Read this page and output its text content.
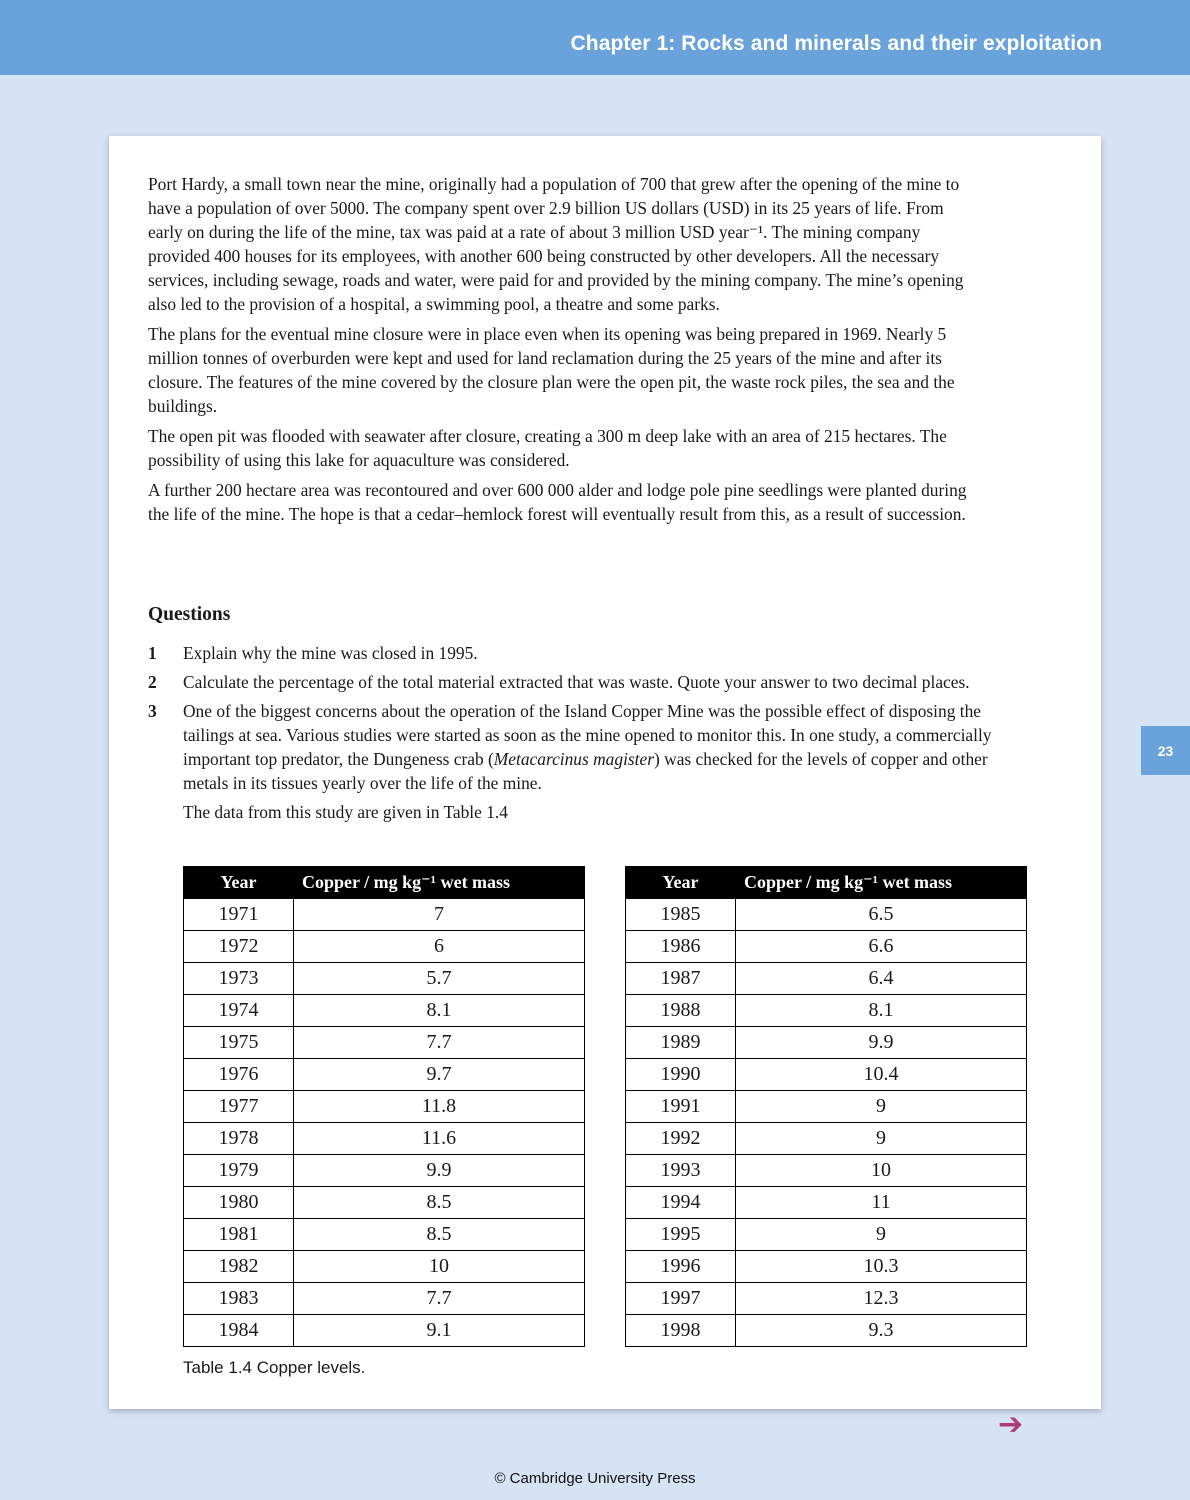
Chapter 1: Rocks and minerals and their exploitation

Port Hardy, a small town near the mine, originally had a population of 700 that grew after the opening of the mine to have a population of over 5000. The company spent over 2.9 billion US dollars (USD) in its 25 years of life. From early on during the life of the mine, tax was paid at a rate of about 3 million USD year⁻¹. The mining company provided 400 houses for its employees, with another 600 being constructed by other developers. All the necessary services, including sewage, roads and water, were paid for and provided by the mining company. The mine’s opening also led to the provision of a hospital, a swimming pool, a theatre and some parks.

The plans for the eventual mine closure were in place even when its opening was being prepared in 1969. Nearly 5 million tonnes of overburden were kept and used for land reclamation during the 25 years of the mine and after its closure. The features of the mine covered by the closure plan were the open pit, the waste rock piles, the sea and the buildings.

The open pit was flooded with seawater after closure, creating a 300 m deep lake with an area of 215 hectares. The possibility of using this lake for aquaculture was considered.

A further 200 hectare area was recontoured and over 600 000 alder and lodge pole pine seedlings were planted during the life of the mine. The hope is that a cedar–hemlock forest will eventually result from this, as a result of succession.

Questions
1 Explain why the mine was closed in 1995.
2 Calculate the percentage of the total material extracted that was waste. Quote your answer to two decimal places.
3 One of the biggest concerns about the operation of the Island Copper Mine was the possible effect of disposing the tailings at sea. Various studies were started as soon as the mine opened to monitor this. In one study, a commercially important top predator, the Dungeness crab (Metacarcinus magister) was checked for the levels of copper and other metals in its tissues yearly over the life of the mine.
The data from this study are given in Table 1.4
Year	Copper / mg kg⁻¹ wet mass
1971	7
1972	6
1973	5.7
1974	8.1
1975	7.7
1976	9.7
1977	11.8
1978	11.6
1979	9.9
1980	8.5
1981	8.5
1982	10
1983	7.7
1984	9.1
Year	Copper / mg kg⁻¹ wet mass
1985	6.5
1986	6.6
1987	6.4
1988	8.1
1989	9.9
1990	10.4
1991	9
1992	9
1993	10
1994	11
1995	9
1996	10.3
1997	12.3
1998	9.3
Table 1.4 Copper levels.
23
➔
© Cambridge University Press
